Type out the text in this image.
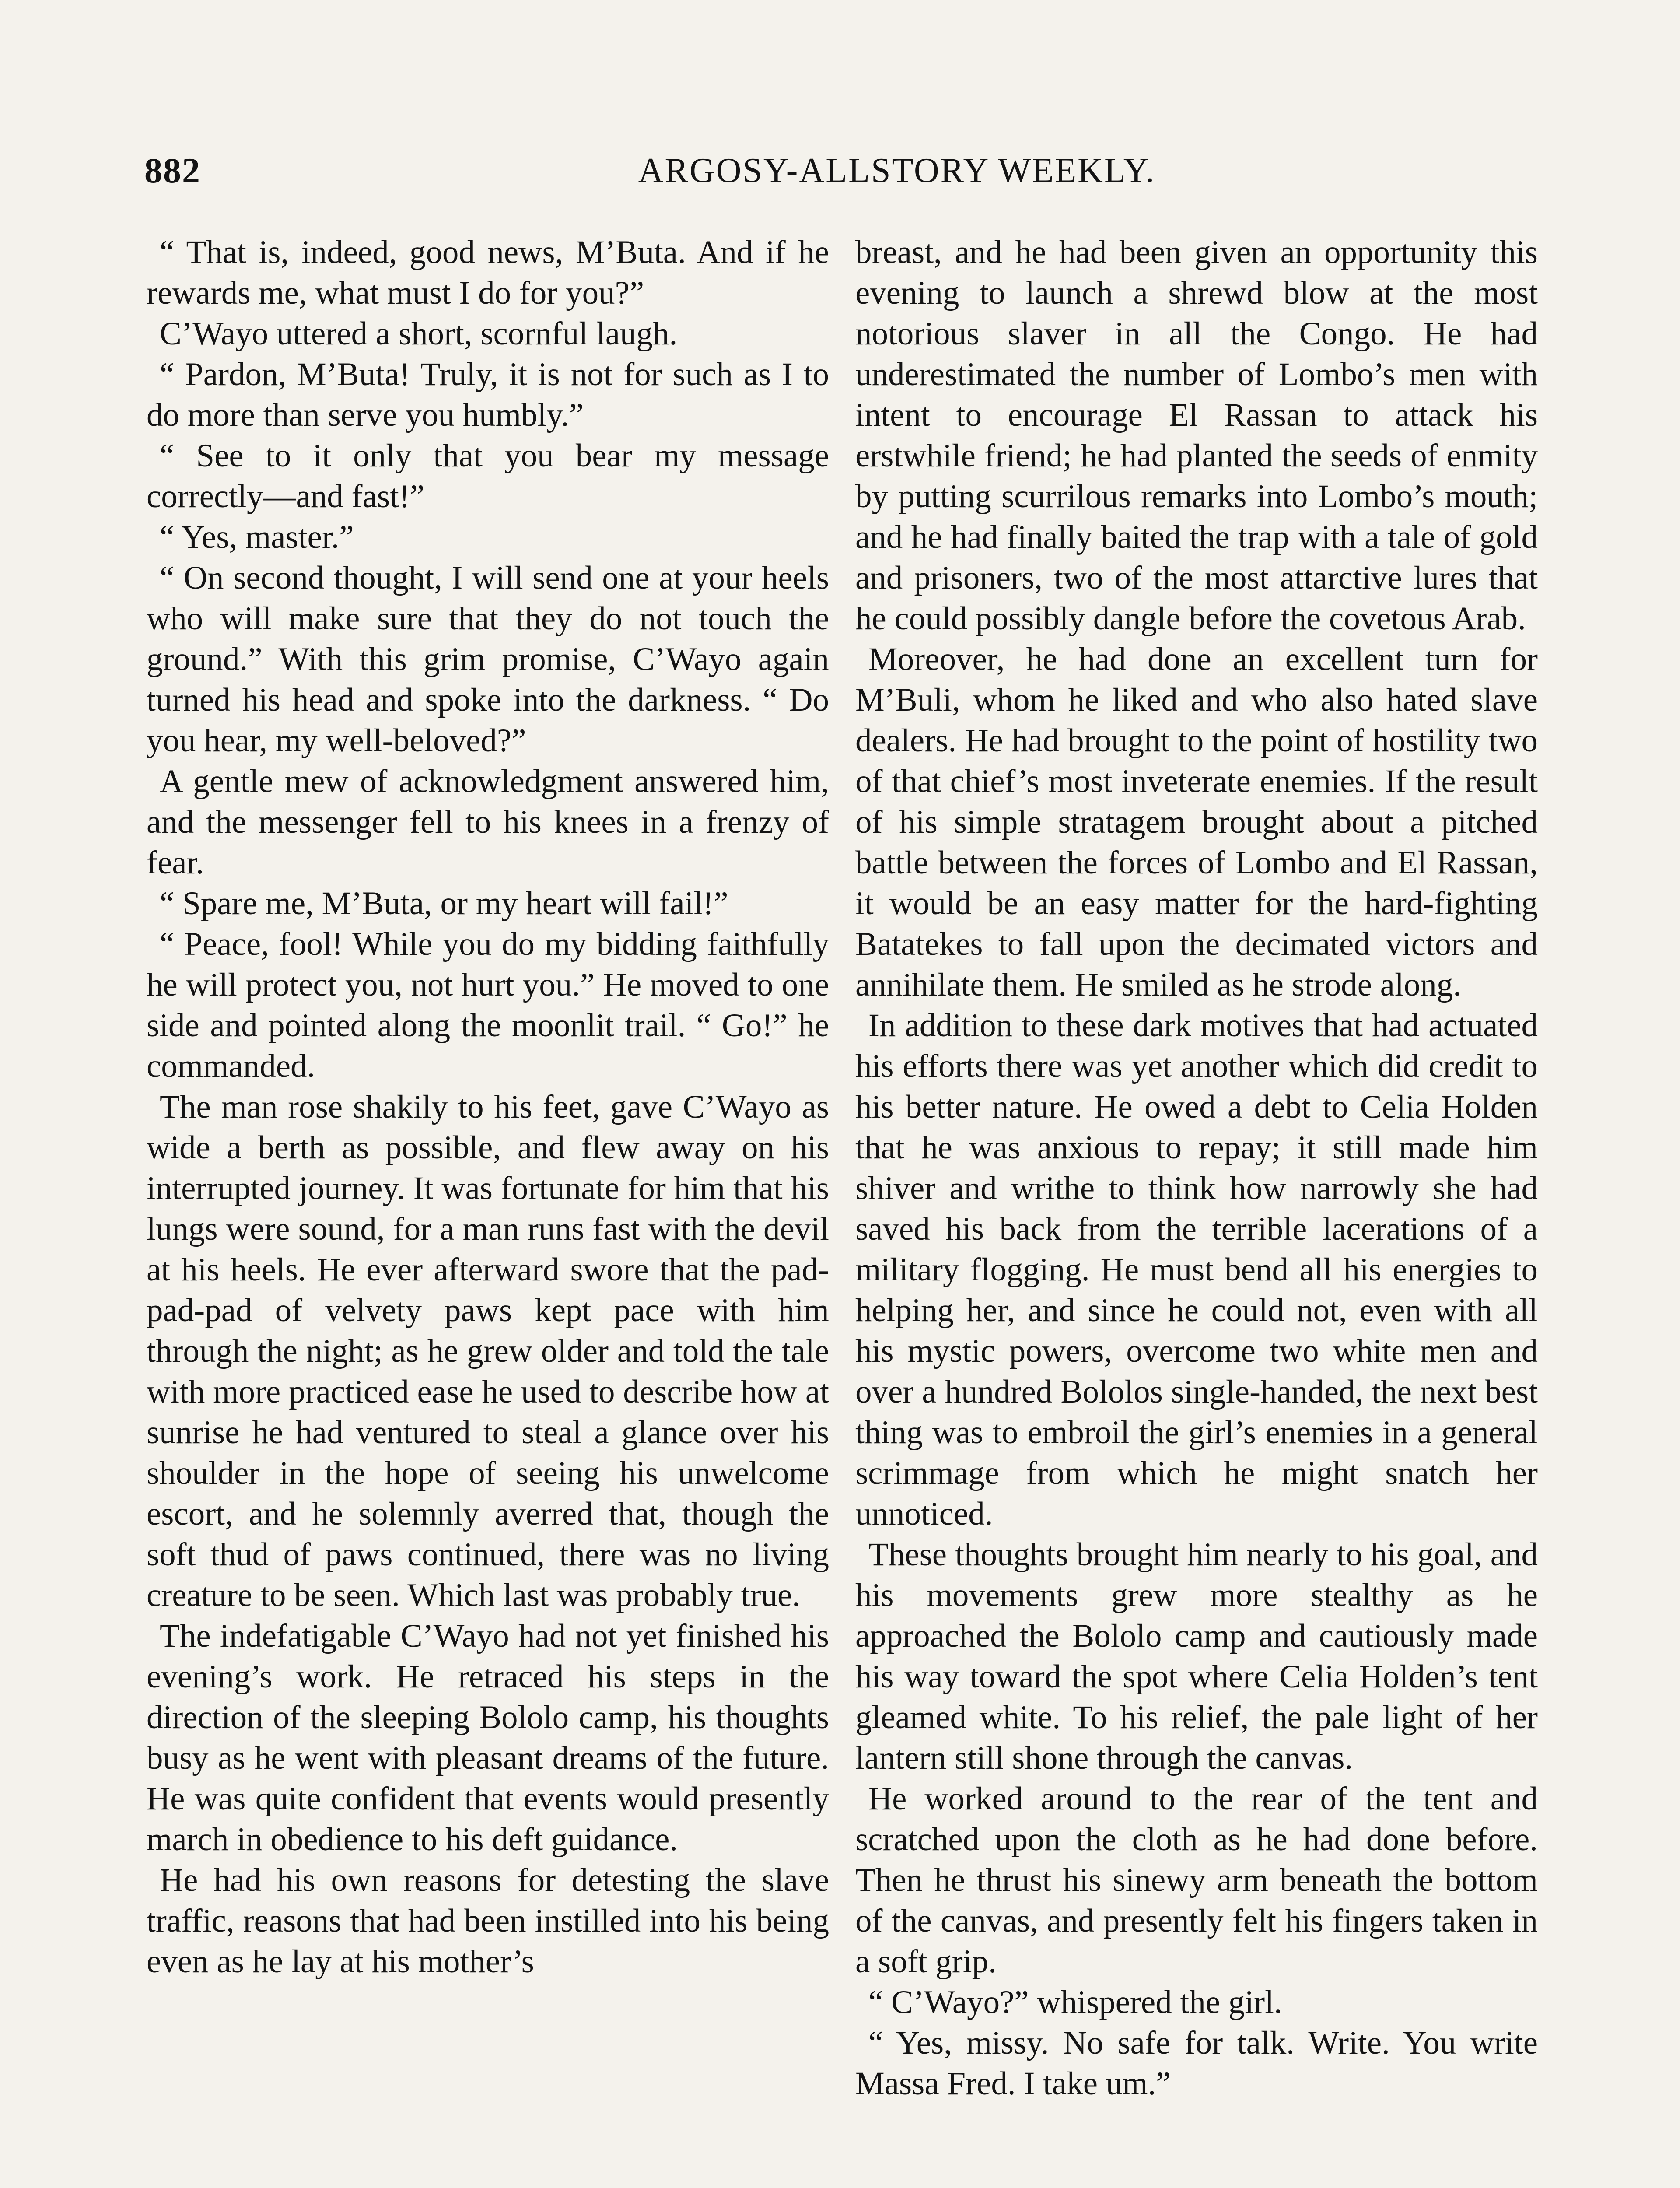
882	ARGOSY-ALLSTORY WEEKLY.

“ That is, indeed, good news, M’Buta. And if he rewards me, what must I do for you?”

C’Wayo uttered a short, scornful laugh.

“ Pardon, M’Buta! Truly, it is not for such as I to do more than serve you humbly.”

“ See to it only that you bear my message correctly—and fast!”

“ Yes, master.”

“ On second thought, I will send one at your heels who will make sure that they do not touch the ground.” With this grim promise, C’Wayo again turned his head and spoke into the darkness. “ Do you hear, my well-beloved?”

A gentle mew of acknowledgment answered him, and the messenger fell to his knees in a frenzy of fear.

“ Spare me, M’Buta, or my heart will fail!”

“ Peace, fool! While you do my bidding faithfully he will protect you, not hurt you.” He moved to one side and pointed along the moonlit trail. “ Go!” he commanded.

The man rose shakily to his feet, gave C’Wayo as wide a berth as possible, and flew away on his interrupted journey. It was fortunate for him that his lungs were sound, for a man runs fast with the devil at his heels. He ever afterward swore that the pad-pad-pad of velvety paws kept pace with him through the night; as he grew older and told the tale with more practiced ease he used to describe how at sunrise he had ventured to steal a glance over his shoulder in the hope of seeing his unwelcome escort, and he solemnly averred that, though the soft thud of paws continued, there was no living creature to be seen. Which last was probably true.

The indefatigable C’Wayo had not yet finished his evening’s work. He retraced his steps in the direction of the sleeping Bololo camp, his thoughts busy as he went with pleasant dreams of the future. He was quite confident that events would presently march in obedience to his deft guidance.

He had his own reasons for detesting the slave traffic, reasons that had been instilled into his being even as he lay at his mother’s

breast, and he had been given an opportunity this evening to launch a shrewd blow at the most notorious slaver in all the Congo. He had underestimated the number of Lombo’s men with intent to encourage El Rassan to attack his erstwhile friend; he had planted the seeds of enmity by putting scurrilous remarks into Lombo’s mouth; and he had finally baited the trap with a tale of gold and prisoners, two of the most attarctive lures that he could possibly dangle before the covetous Arab.

Moreover, he had done an excellent turn for M’Buli, whom he liked and who also hated slave dealers. He had brought to the point of hostility two of that chief’s most inveterate enemies. If the result of his simple stratagem brought about a pitched battle between the forces of Lombo and El Rassan, it would be an easy matter for the hard-fighting Batatekes to fall upon the decimated victors and annihilate them. He smiled as he strode along.

In addition to these dark motives that had actuated his efforts there was yet another which did credit to his better nature. He owed a debt to Celia Holden that he was anxious to repay; it still made him shiver and writhe to think how narrowly she had saved his back from the terrible lacerations of a military flogging. He must bend all his energies to helping her, and since he could not, even with all his mystic powers, overcome two white men and over a hundred Bololos single-handed, the next best thing was to embroil the girl’s enemies in a general scrimmage from which he might snatch her unnoticed.

These thoughts brought him nearly to his goal, and his movements grew more stealthy as he approached the Bololo camp and cautiously made his way toward the spot where Celia Holden’s tent gleamed white. To his relief, the pale light of her lantern still shone through the canvas.

He worked around to the rear of the tent and scratched upon the cloth as he had done before. Then he thrust his sinewy arm beneath the bottom of the canvas, and presently felt his fingers taken in a soft grip.

“ C’Wayo?” whispered the girl.

“ Yes, missy. No safe for talk. Write. You write Massa Fred. I take um.”
